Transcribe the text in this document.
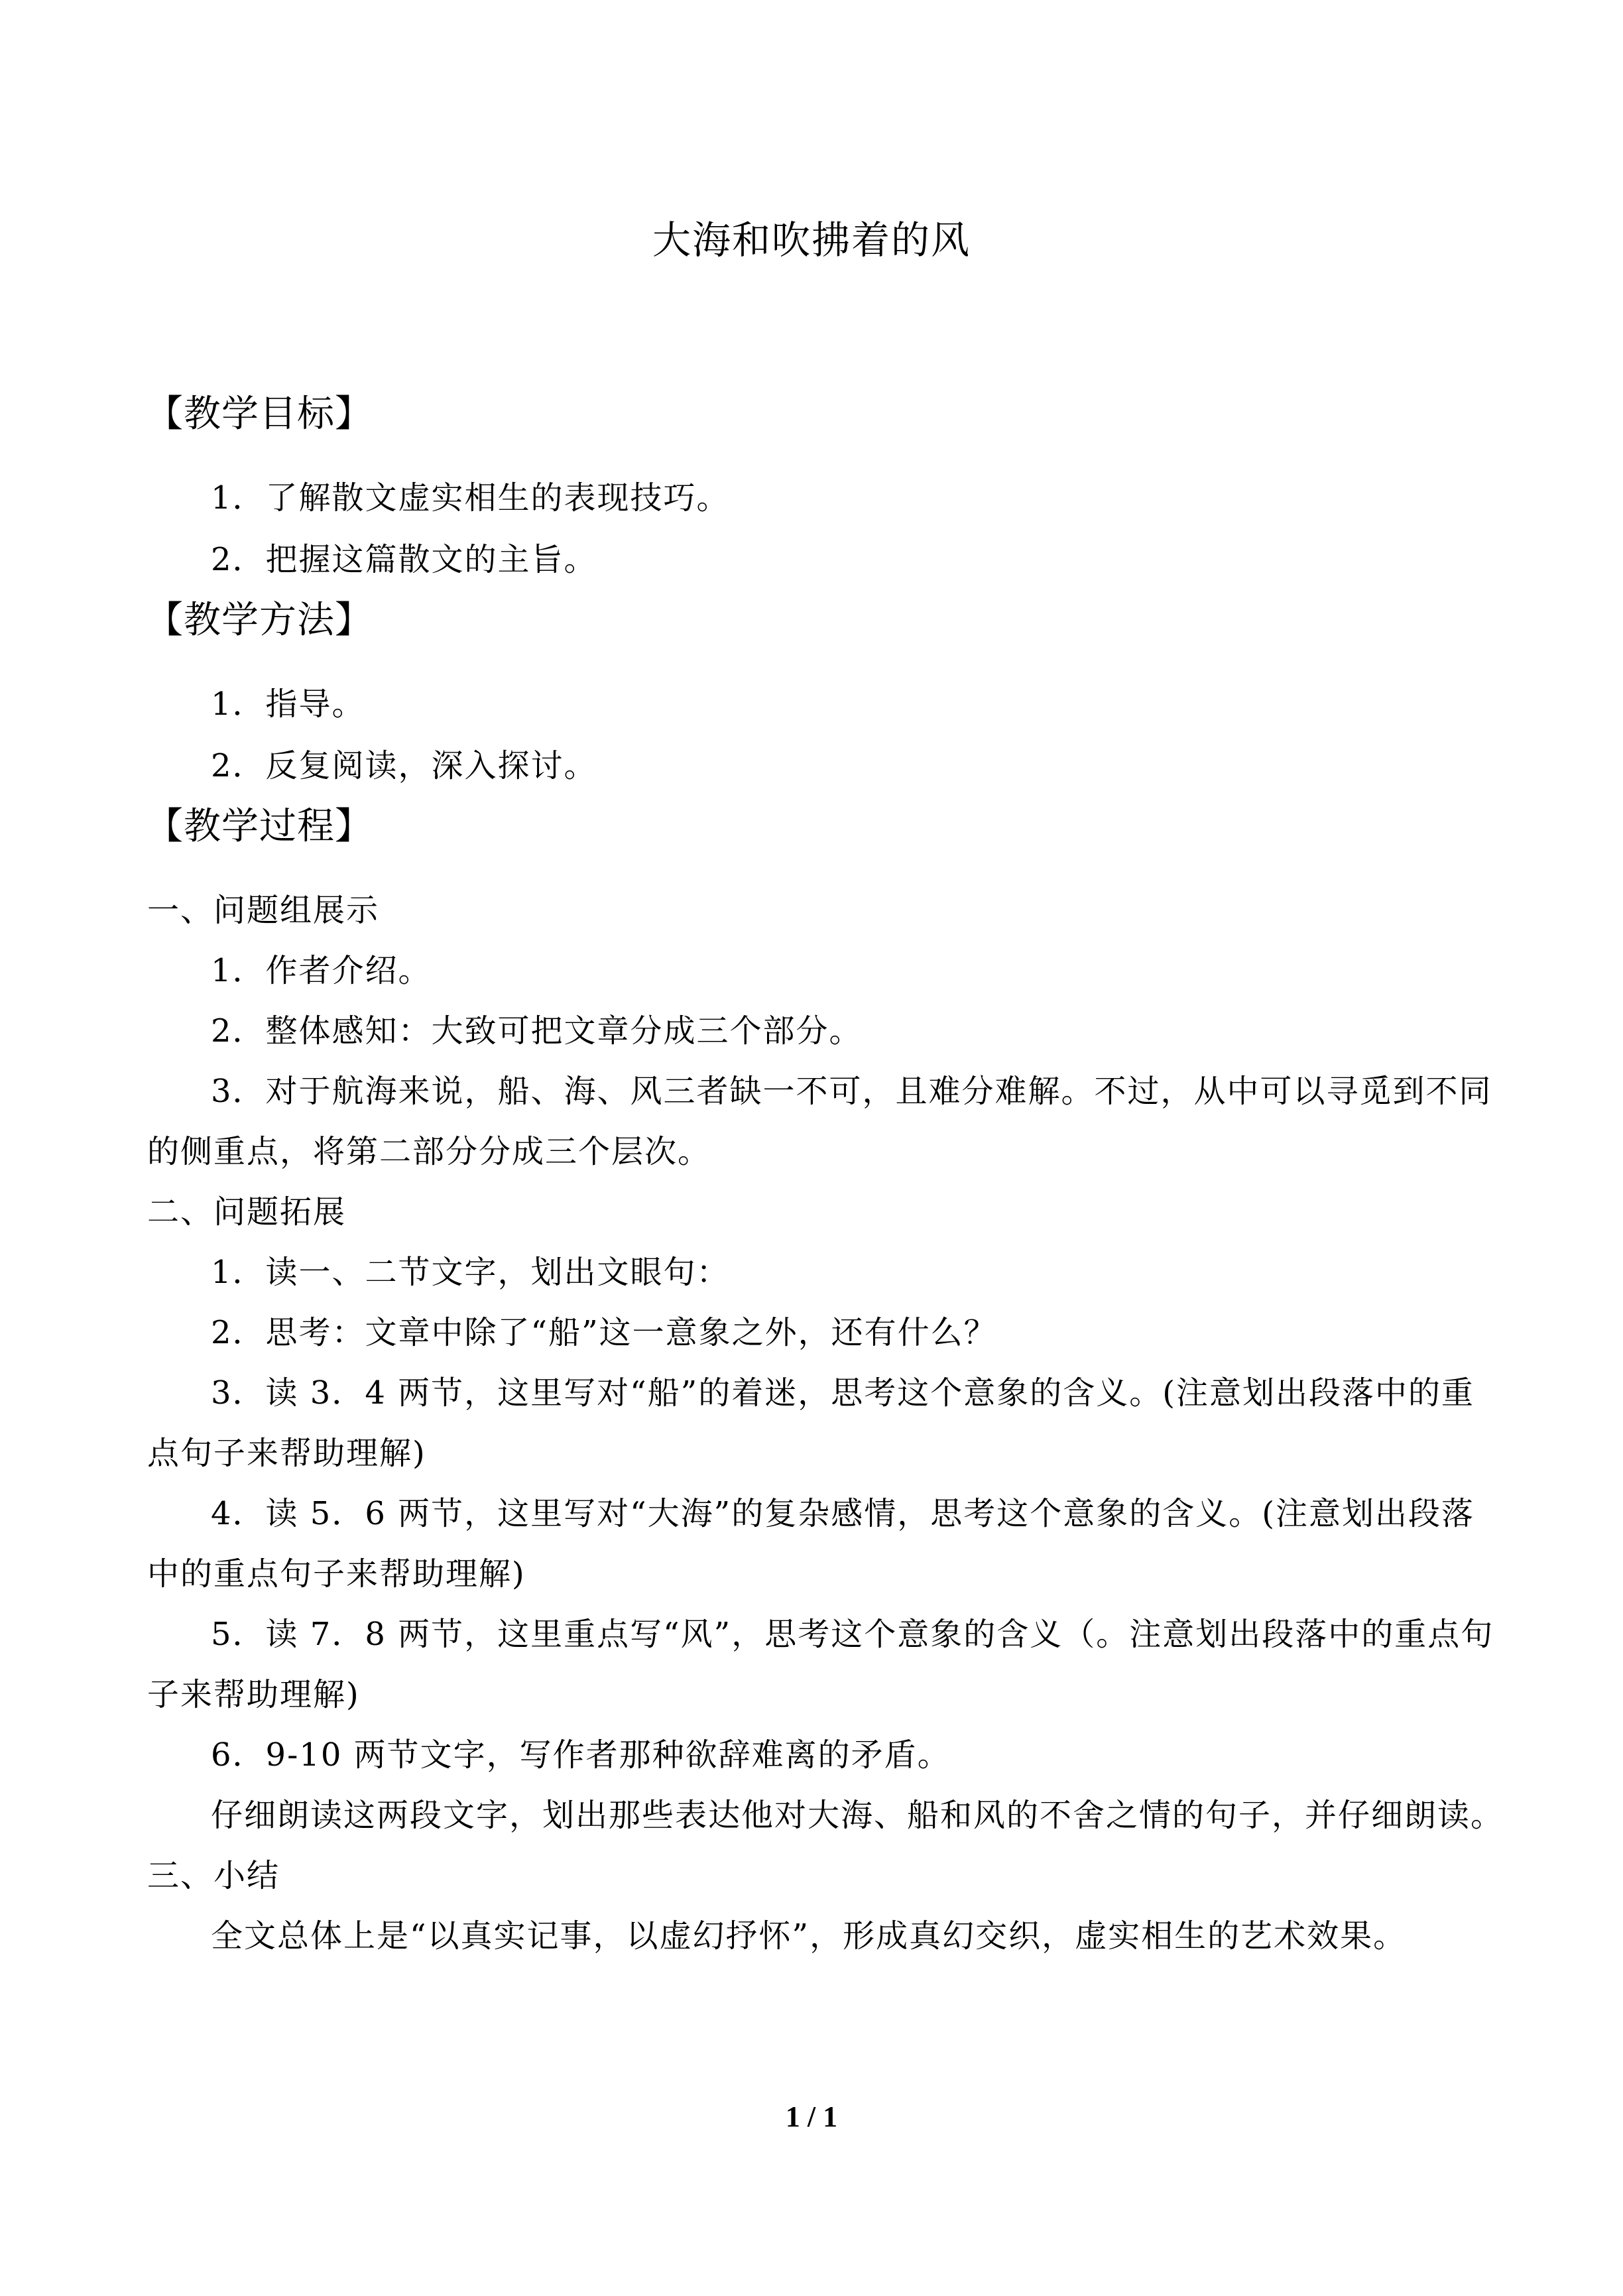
大海和吹拂着的风
【教学目标】
1．了解散文虚实相生的表现技巧。
2．把握这篇散文的主旨。
【教学方法】
1．指导。
2．反复阅读，深入探讨。
【教学过程】
一、问题组展示
1．作者介绍。
2．整体感知：大致可把文章分成三个部分。
3．对于航海来说，船、海、风三者缺一不可，且难分难解。不过，从中可以寻觅到不同
的侧重点，将第二部分分成三个层次。
二、问题拓展
1．读一、二节文字，划出文眼句：
2．思考：文章中除了“船”这一意象之外，还有什么？
3．读 3．4 两节，这里写对“船”的着迷，思考这个意象的含义。(注意划出段落中的重
点句子来帮助理解)
4．读 5．6 两节，这里写对“大海”的复杂感情，思考这个意象的含义。(注意划出段落
中的重点句子来帮助理解)
5．读 7．8 两节，这里重点写“风”，思考这个意象的含义（。注意划出段落中的重点句
子来帮助理解)
6．9-10 两节文字，写作者那种欲辞难离的矛盾。
仔细朗读这两段文字，划出那些表达他对大海、船和风的不舍之情的句子，并仔细朗读。
三、小结
全文总体上是“以真实记事，以虚幻抒怀”，形成真幻交织，虚实相生的艺术效果。
1 / 1
